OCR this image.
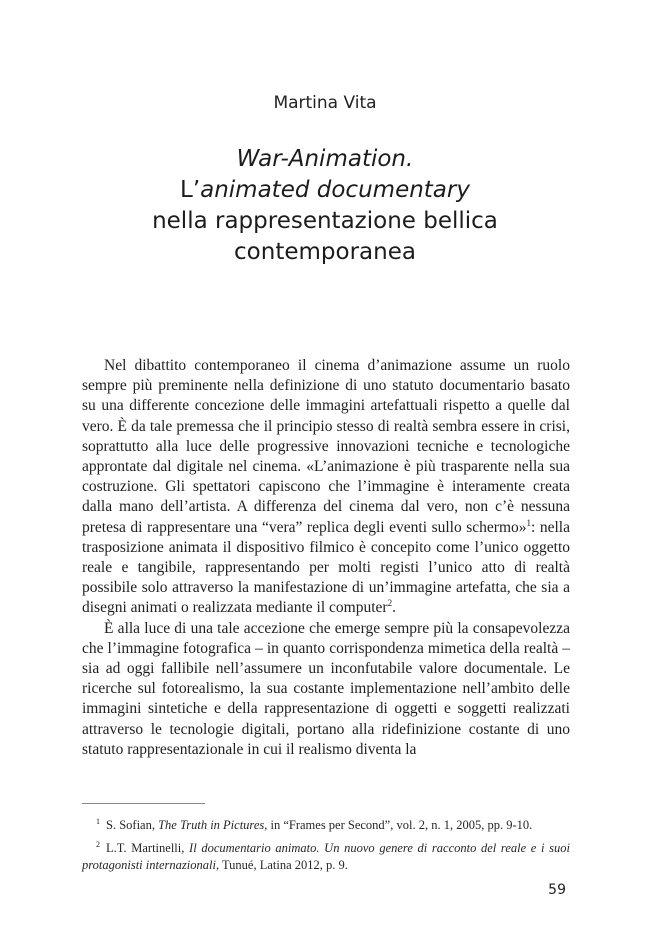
Martina Vita
War-Animation.
L’animated documentary
nella rappresentazione bellica
contemporanea

Nel dibattito contemporaneo il cinema d’animazione assume un ruolo sempre più preminente nella definizione di uno statuto documentario basato su una differente concezione delle immagini artefattuali rispetto a quelle dal vero. È da tale premessa che il principio stesso di realtà sembra essere in crisi, soprattutto alla luce delle progressive innovazioni tecniche e tecnologiche approntate dal digitale nel cinema. «L’animazione è più trasparente nella sua costruzione. Gli spettatori capiscono che l’immagine è interamente creata dalla mano dell’artista. A differenza del cinema dal vero, non c’è nessuna pretesa di rappresentare una “vera” replica degli eventi sullo schermo»$^1$: nella trasposizione animata il dispositivo filmico è concepito come l’unico oggetto reale e tangibile, rappresentando per molti registi l’unico atto di realtà possibile solo attraverso la manifestazione di un’immagine artefatta, che sia a disegni animati o realizzata mediante il computer$^2$.

È alla luce di una tale accezione che emerge sempre più la consapevolezza che l’immagine fotografica – in quanto corrispondenza mimetica della realtà – sia ad oggi fallibile nell’assumere un inconfutabile valore documentale. Le ricerche sul fotorealismo, la sua costante implementazione nell’ambito delle immagini sintetiche e della rappresentazione di oggetti e soggetti realizzati attraverso le tecnologie digitali, portano alla ridefinizione costante di uno statuto rappresentazionale in cui il realismo diventa la

$^1$ S. Sofian, The Truth in Pictures, in “Frames per Second”, vol. 2, n. 1, 2005, pp. 9-10.
$^2$ L.T. Martinelli, Il documentario animato. Un nuovo genere di racconto del reale e i suoi protagonisti internazionali, Tunué, Latina 2012, p. 9.
59
